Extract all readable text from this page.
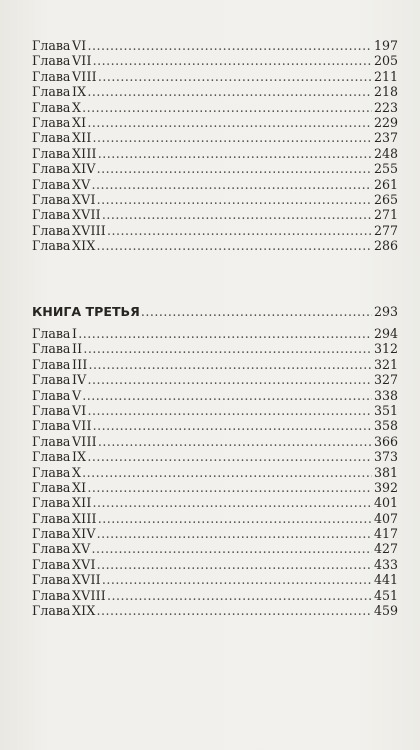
Глава VI .....	197
Глава VII .....	205
Глава VIII .....	211
Глава IX .....	218
Глава X .....	223
Глава XI .....	229
Глава XII .....	237
Глава XIII .....	248
Глава XIV .....	255
Глава XV .....	261
Глава XVI .....	265
Глава XVII .....	271
Глава XVIII .....	277
Глава XIX .....	286
КНИГА ТРЕТЬЯ .....	293
Глава I .....	294
Глава II .....	312
Глава III .....	321
Глава IV .....	327
Глава V .....	338
Глава VI .....	351
Глава VII .....	358
Глава VIII .....	366
Глава IX .....	373
Глава X .....	381
Глава XI .....	392
Глава XII .....	401
Глава XIII .....	407
Глава XIV .....	417
Глава XV .....	427
Глава XVI .....	433
Глава XVII .....	441
Глава XVIII .....	451
Глава XIX .....	459
